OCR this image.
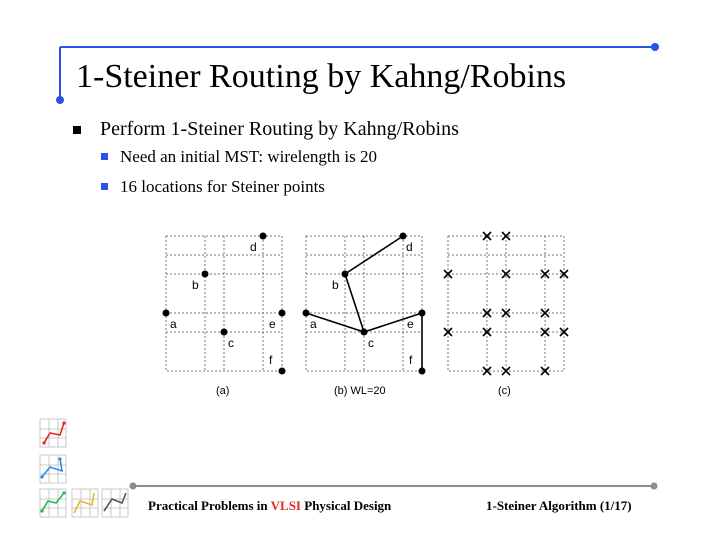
1-Steiner Routing by Kahng/Robins
Perform 1-Steiner Routing by Kahng/Robins
Need an initial MST: wirelength is 20
16 locations for Steiner points
d
b
a	e
c
f
(a)
d
b
a	e
c
f
(b) WL=20	(c)
Practical Problems in VLSI Physical Design	1-Steiner Algorithm (1/17)
